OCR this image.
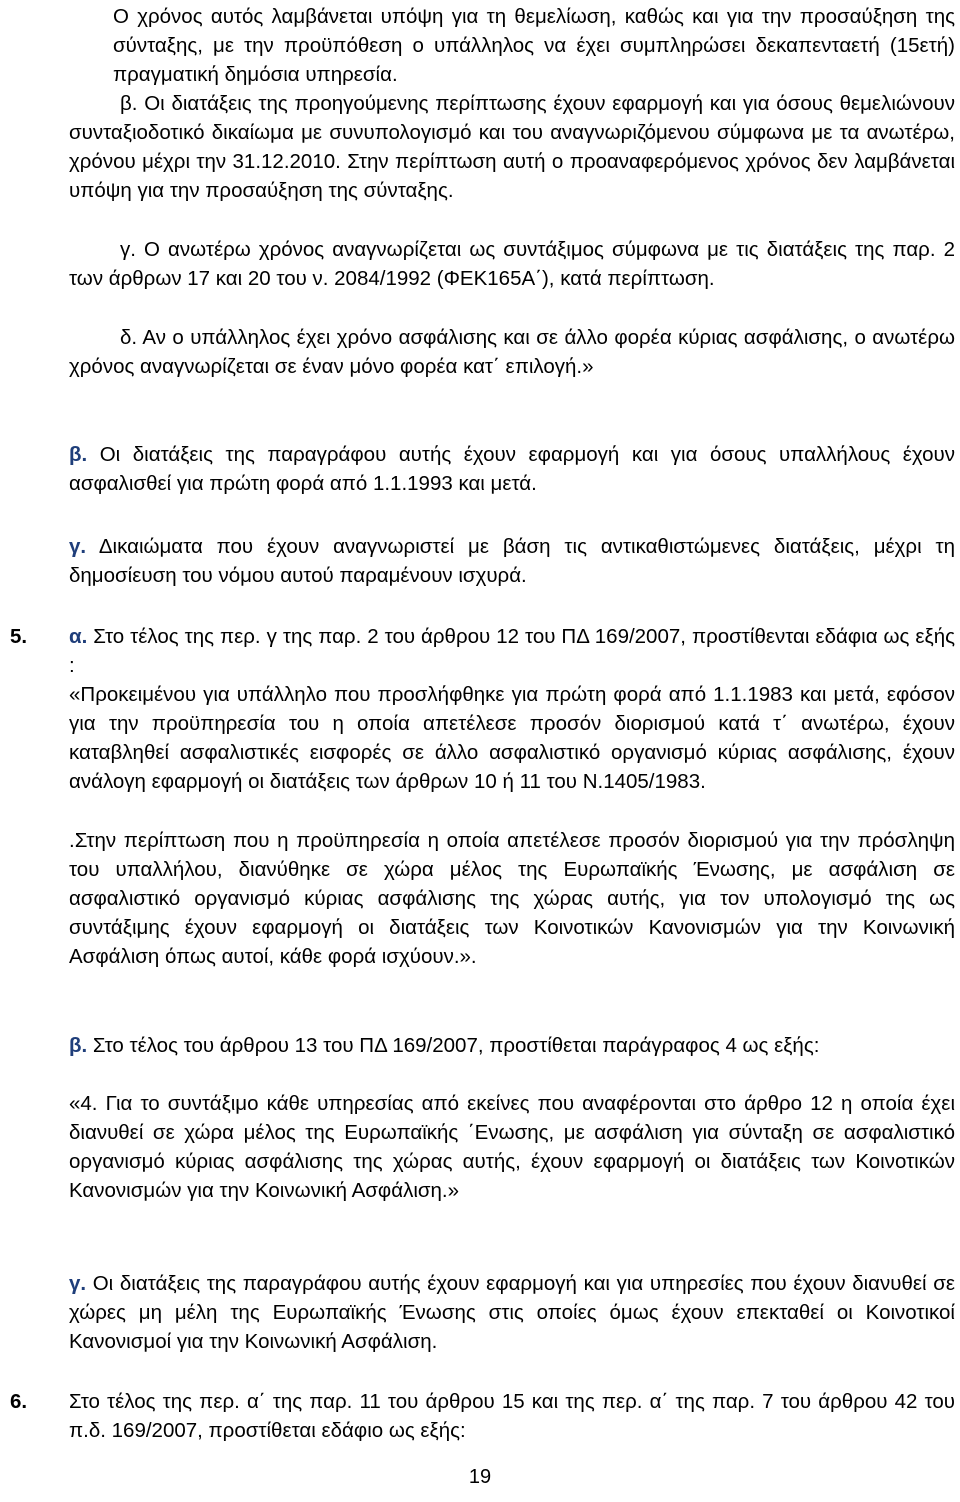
Ο χρόνος αυτός λαμβάνεται υπόψη για τη θεμελίωση, καθώς και για την προσαύξηση της σύνταξης, με την προϋπόθεση ο υπάλληλος να έχει συμπληρώσει δεκαπενταετή (15ετή) πραγματική δημόσια υπηρεσία.

β. Οι διατάξεις της προηγούμενης περίπτωσης έχουν εφαρμογή και για όσους θεμελιώνουν συνταξιοδοτικό δικαίωμα με συνυπολογισμό και του αναγνωριζόμενου σύμφωνα με τα ανωτέρω, χρόνου μέχρι την 31.12.2010. Στην περίπτωση αυτή ο προαναφερόμενος χρόνος δεν λαμβάνεται υπόψη για την προσαύξηση της σύνταξης.

γ. Ο ανωτέρω χρόνος αναγνωρίζεται ως συντάξιμος σύμφωνα με τις διατάξεις της παρ. 2 των άρθρων 17 και 20 του ν. 2084/1992 (ΦΕΚ165Α΄), κατά περίπτωση.

δ. Αν ο υπάλληλος έχει χρόνο ασφάλισης και σε άλλο φορέα κύριας ασφάλισης, ο ανωτέρω χρόνος αναγνωρίζεται σε έναν μόνο φορέα κατ΄ επιλογή.»

β. Οι διατάξεις της παραγράφου αυτής έχουν εφαρμογή και για όσους υπαλλήλους έχουν ασφαλισθεί για πρώτη φορά από 1.1.1993 και μετά.

γ. Δικαιώματα που έχουν αναγνωριστεί με βάση τις αντικαθιστώμενες διατάξεις, μέχρι τη δημοσίευση του νόμου αυτού παραμένουν ισχυρά.

5. α. Στο τέλος της περ. γ της παρ. 2 του άρθρου 12 του ΠΔ 169/2007, προστίθενται εδάφια ως εξής :

«Προκειμένου για υπάλληλο που προσλήφθηκε για πρώτη φορά από 1.1.1983 και μετά, εφόσον για την προϋπηρεσία του η οποία απετέλεσε προσόν διορισμού κατά τ΄ ανωτέρω, έχουν καταβληθεί ασφαλιστικές εισφορές σε άλλο ασφαλιστικό οργανισμό κύριας ασφάλισης, έχουν ανάλογη εφαρμογή οι διατάξεις των άρθρων 10 ή 11 του Ν.1405/1983.

.Στην περίπτωση που η προϋπηρεσία η οποία απετέλεσε προσόν διορισμού για την πρόσληψη του υπαλλήλου, διανύθηκε σε χώρα μέλος της Ευρωπαϊκής Ένωσης, με ασφάλιση σε ασφαλιστικό οργανισμό κύριας ασφάλισης της χώρας αυτής, για τον υπολογισμό της ως συντάξιμης έχουν εφαρμογή οι διατάξεις των Κοινοτικών Κανονισμών για την Κοινωνική Ασφάλιση όπως αυτοί, κάθε φορά ισχύουν.».

β. Στο τέλος του άρθρου 13 του ΠΔ 169/2007, προστίθεται παράγραφος 4 ως εξής:

«4. Για το συντάξιμο κάθε υπηρεσίας από εκείνες που αναφέρονται στο άρθρο 12 η οποία έχει διανυθεί σε χώρα μέλος της Ευρωπαϊκής ΄Ενωσης, με ασφάλιση για σύνταξη σε ασφαλιστικό οργανισμό κύριας ασφάλισης της χώρας αυτής, έχουν εφαρμογή οι διατάξεις των Κοινοτικών Κανονισμών για την Κοινωνική Ασφάλιση.»

γ. Οι διατάξεις της παραγράφου αυτής έχουν εφαρμογή και για υπηρεσίες που έχουν διανυθεί σε χώρες μη μέλη της Ευρωπαϊκής Ένωσης στις οποίες όμως έχουν επεκταθεί οι Κοινοτικοί Κανονισμοί για την Κοινωνική Ασφάλιση.

6. Στο τέλος της περ. α΄ της παρ. 11 του άρθρου 15 και της περ. α΄ της παρ. 7 του άρθρου 42 του π.δ. 169/2007, προστίθεται εδάφιο ως εξής:

19
